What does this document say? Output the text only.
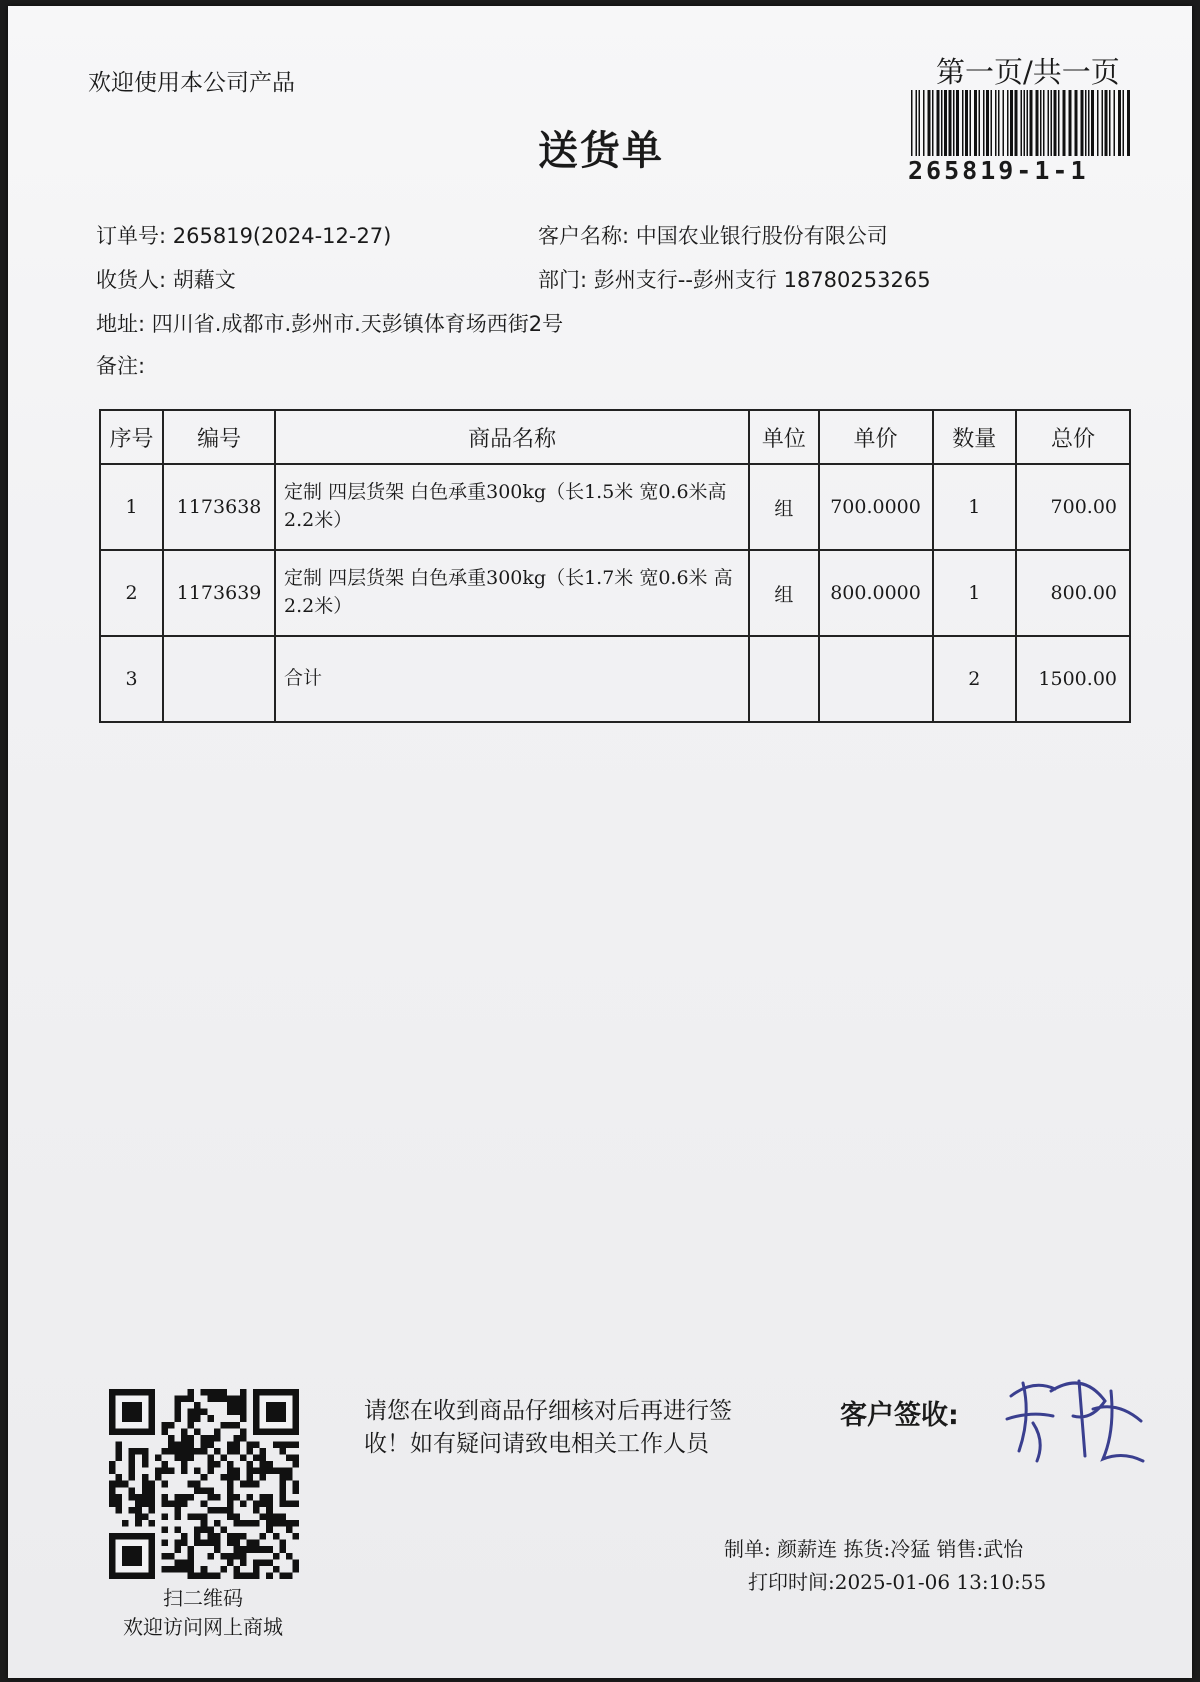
欢迎使用本公司产品	第一页/共一页
送货单	265819-1-1
订单号: 265819(2024-12-27)	客户名称: 中国农业银行股份有限公司
收货人: 胡藉文	部门: 彭州支行--彭州支行 18780253265
地址: 四川省.成都市.彭州市.天彭镇体育场西街2号
备注:
序号	编号	商品名称	单位	单价	数量	总价
1	1173638	定制 四层货架 白色承重300kg（长1.5米 宽0.6米高2.2米）	组	700.0000	1	700.00
2	1173639	定制 四层货架 白色承重300kg（长1.7米 宽0.6米 高2.2米）	组	800.0000	1	800.00
3		合计			2	1500.00
扫二维码
欢迎访问网上商城
请您在收到商品仔细核对后再进行签收！如有疑问请致电相关工作人员
客户签收:
制单: 颜薪连 拣货:冷猛 销售:武怡
打印时间:2025-01-06 13:10:55
